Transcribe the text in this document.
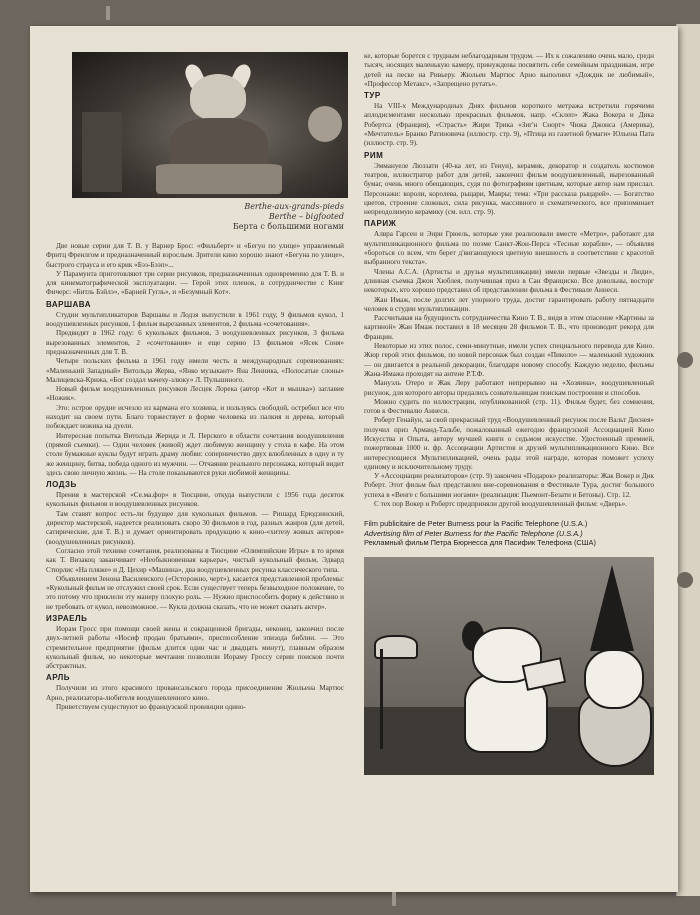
Berthe-aux-grands-pieds
Berthe – bigfooted
Берта с большими ногами

Две новые серии для Т. В. у Варнер Брос: «Фильберт» и «Бегун по улице» управляемый Фритц Френлгом и предназначенный взрослым. Зрители кино хорошо знают «Бегуна по улице», быстрого страуса и его крик «Бээ-Бээп»...

У Парамунта приготовляют три серии рисунков, предназначенных одновременно для Т. В. и для кинематографической эксплуатации. — Герой этих пленок, в сотрудничестве с Книг Фичерс: «Битль Бэйлэ», «Барней Гугль», и «Безумный Кот».

ВАРШАВА

Студии мультипликаторов Варшавы и Лодзя выпустили в 1961 году, 9 фильмов кукол, 1 воодушевленных рисунков, 1 фильм вырезанных элементов, 2 фильма «сочетования».

Предвидят в 1962 году: 6 кукольных фильмов, 3 воодушевленных рисунков, 3 фильма вырезованных элементов, 2 «сочетования» и еще серию 13 фильмов «Ясек Соня» предназначенных для Т. В.

Четыре польских фильма в 1961 году имели честь в международных соревнованиях: «Маленький Западный» Витольда Жерва, «Янко музыкант» Яна Ленника, «Полосатые слоны» Малицевска-Крижа, «Бог создал мачеху-злюку» Л. Пульшиного.

Новый фильм воодушевленных рисунков Лесцек Лорека (автор «Кот и мышка») заглавие «Ножик».

Это: острое орудие исчезло из кармана его хозяина, и пользуясь свободой, остребил все что находит на своем пути. Благо торжествует в форме человека из палкия и дерева, который побеждает ножика на дуели.

Интересная попытка Витольда Жерида и Л. Перского в области сочетания воодушевления (прямой съемки). — Один человек (живой) ждет любимую женщину у стола в кафе. На этом столе бумажные куклы будут играть драму любви: соперничество двух влюбленных в одну и ту же женщину, битва, победа одного из мужчин. — Отчаяние реального персонажа, который видит здесь свою личную жизнь. — На столе показываются руки любимой женщины.

ЛОДЗЬ

Прения в мастерской «Се.ма.фор» в Тюсцине, откуда выпустили с 1956 года десяток кукольных фильмов и воодушевленных рисунков.

Там ставят вопрос есть-ли будущее для кукольных фильмов. — Ришард Ерюдзинский, директор мастерской, надеется реализовать скоро 30 фильмов в год, разных жанров (для детей, сатирические, для Т. В.) и думает ориентировать продукцию к кино-«хитезу живых актеров» (воодушевленных рисунков).

Согласно этой технике сочетания, реализованы в Тюсцине «Олимпийские Игры» в то время как Т. Визакоц заканчивает «Необыкновенная карьера», чистый кукольный фильм, Эдвард Стюрлис «На пляже» и Д. Цехир «Машина», два воодушевленных рисунка классического типа.

Объявлением Зенона Васнлевского («Осторожно, черт»), касается представленной проблемы: «Кукольный фильм не отслужил своей срок. Если существует теперь безвыходное положение, то это потому что приклели эту манеру плохую роль. — Нужно приспособить форму к действию и не требовать от кукол, невозможное. — Кукла должна сказать, что не может сказать актер».

ИЗРАЕЛЬ

Иорам Гросс при помощи своей жены и сокращенной бригады, неконец, закончил после двух-летней работы «Иосиф продан братьями», приспособление эпизода библии. — Это стремительное предприятие (фильм длится один час и двадцать минут), главным образом кукольный фильм, но некоторые мечтания позволили Иораму Гроссу серии поисков почти абстрактных.

АРЛЬ

Получили из этого красивого провансальского города присоединение Жюльена Мартюс Арно, реализатора-любителя воодушевленного кино.

Приветствуем существуют во французской провинции одино-

ке, которые борется с трудным неблагодарным трудом. — Их к сожалению очень мало, средн тысяч, носящих маленькую камеру, принуждены посвятить себе семейным праздникам, игре детей на песке на Ривьеру. Жюльен Мартюс Арно выполнил «Дождик не любимый», «Профессор Метакс», «Запрещено рутать».

ТУР

На VIII-х Международных Днях фильмов короткого метража встретили горячими аплодисментами несколько прекрасных фильмов, напр. «Склеп» Жака Вокера и Дика Робертса (Франция), «Страсть» Жири Трика «Зиг'н Снорт» Чюка Джонса (Америка), «Мечтатель» Бранко Ратиновича (иллюстр. стр. 9), «Птица из газетной бумаги» Юльена Пата (иллюстр. стр. 9).

РИМ

Эммануеле Люззати (40-ка лет, из Генуи), керамик, декоратор и создатель костюмов театров, иллюстратор работ для детей, закончил фильм воодушевленный, вырезованный бумаг, очень много обещающих, судя по фотографиям цветным, которые автор нам прислал. Персонажи: короли, королева, рыцари, Мавры; тема: «Три рассказа рыцарей». — Богатство цветов, строение сложных, сила рисунка, массивного и схематического, все припоминает непреодолимую керамику (см. илл. стр. 9).

ПАРИЖ

Алвра Гарсен и Энри Грюель, которые уже реализовали вместе «Метро», работают для мультипликационного фильма по поэме Санкт-Жон-Перса «Тесные корабли», — объявляя «бороться со всем, что берет д'вигающуюся цветную внешность в соответствии с красотой выбранного текста».

Члены А.С.А. (Артисты и друзья мультипликации) имели первые «Звезды и Люди», длинная съемка Джон Хюблея, получившая приз в Сан Франциско. Все довольны, восторг некоторых, кто хорошо представил об представлении фильма в Фестивале Аннеси.

Жан Имаж, после долгих лет упорного труда, достиг гарантировать работу пятнадцати человек в студии мультипликации.

Рассчитывая на будущность сотрудничества Кино Т. В., видя в этом спасение «Картины за картиной» Жан Имаж поставил в 18 месяцев 28 фильмов Т. В., что производит рекорд для Франции.

Некоторые из этих полос, семи-минутные, имели успех специального перевода для Кино. Жюр герой этих фильмов, по новой персонаж был создан «Пиколо» — маленький художник — он двигается в реальной декорации, благодаря новому способу. Каждую неделю, фильмы Жана-Имажа проходят на антене Р.Т.Ф.

Мануэль Отеро и Жак Леру работают непрерывно на «Хозяина», воодушевленный рисунок, для которого авторы предались созвательницам поискам построения и способов.

Можно судить по иллюстрации, опубликованной (стр. 11). Фильм будет, без сомнения, готов к Фестивалю Аннеси.

Роберт Генайун, за свой прекрасный труд «Воодушевленный рисунок после Вальт Диснея» получил приз Арманд-Тальбе, пожалованный ежегодно французской Ассоциацией Кино Искусства и Опыта, автору мучшей книги о седьмом искусстве. Удостоенный премией, пожертвовав 1000 н. фр. Ассоциации Артистов и друзей мультипликационного Кино. Все интересующиеся Мультипликацией, очень рады этой награде, которая поможет успеху единому и исключительному труду.

У «Ассоциации реализаторов» (стр. 9) закончен «Подарок» реализаторы: Жак Вокер и Дик Роберт. Этот фильм был представлен вне-соревнования в Фестивале Тура, достиг большого успеха в «Венге с большими ногами» (реализация: Пьемонт-Безати и Бетоны). Стр. 12.

С тех пор Вокер и Робертс предприняли другой воодушевленный фильм: «Дверь».

Film publicitaire de Peter Burness pour la Pacific Telephone (U.S.A.)
Advertising film of Peter Burness for the Pacific Telephone (U.S.A.)
Рекламный фильм Петра Бюрнесса для Пасифик Телефона (США)
